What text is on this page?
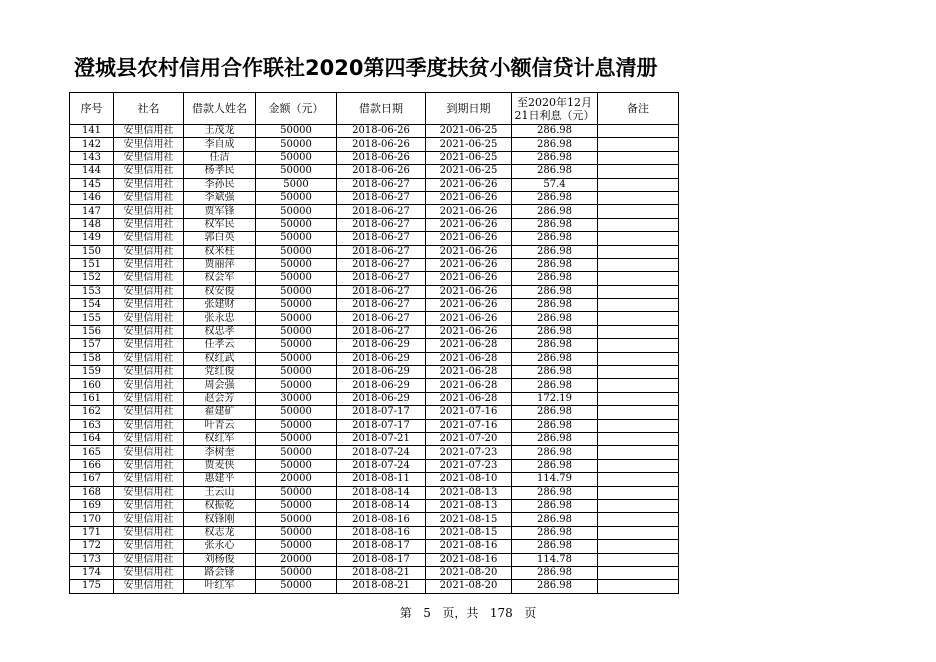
澄城县农村信用合作联社2020第四季度扶贫小额信贷计息清册
序号	社名	借款人姓名	金额（元）	借款日期	到期日期	至2020年12月21日利息（元）	备注
141	安里信用社	王茂龙	50000	2018-06-26	2021-06-25	286.98	
142	安里信用社	李自成	50000	2018-06-26	2021-06-25	286.98	
143	安里信用社	任洁	50000	2018-06-26	2021-06-25	286.98	
144	安里信用社	杨孝民	50000	2018-06-26	2021-06-25	286.98	
145	安里信用社	李孙民	5000	2018-06-27	2021-06-26	57.4	
146	安里信用社	李斌强	50000	2018-06-27	2021-06-26	286.98	
147	安里信用社	贾军锋	50000	2018-06-27	2021-06-26	286.98	
148	安里信用社	权军民	50000	2018-06-27	2021-06-26	286.98	
149	安里信用社	郭白英	50000	2018-06-27	2021-06-26	286.98	
150	安里信用社	权米柱	50000	2018-06-27	2021-06-26	286.98	
151	安里信用社	贾丽萍	50000	2018-06-27	2021-06-26	286.98	
152	安里信用社	权会军	50000	2018-06-27	2021-06-26	286.98	
153	安里信用社	权安俊	50000	2018-06-27	2021-06-26	286.98	
154	安里信用社	张建财	50000	2018-06-27	2021-06-26	286.98	
155	安里信用社	张永忠	50000	2018-06-27	2021-06-26	286.98	
156	安里信用社	权忠孝	50000	2018-06-27	2021-06-26	286.98	
157	安里信用社	任孝云	50000	2018-06-29	2021-06-28	286.98	
158	安里信用社	权红武	50000	2018-06-29	2021-06-28	286.98	
159	安里信用社	党红俊	50000	2018-06-29	2021-06-28	286.98	
160	安里信用社	周会强	50000	2018-06-29	2021-06-28	286.98	
161	安里信用社	赵会芳	30000	2018-06-29	2021-06-28	172.19	
162	安里信用社	翟建矿	50000	2018-07-17	2021-07-16	286.98	
163	安里信用社	叶青云	50000	2018-07-17	2021-07-16	286.98	
164	安里信用社	权红军	50000	2018-07-21	2021-07-20	286.98	
165	安里信用社	李树奎	50000	2018-07-24	2021-07-23	286.98	
166	安里信用社	贾麦侠	50000	2018-07-24	2021-07-23	286.98	
167	安里信用社	惠建平	20000	2018-08-11	2021-08-10	114.79	
168	安里信用社	王云山	50000	2018-08-14	2021-08-13	286.98	
169	安里信用社	权振乾	50000	2018-08-14	2021-08-13	286.98	
170	安里信用社	权锋刚	50000	2018-08-16	2021-08-15	286.98	
171	安里信用社	权志龙	50000	2018-08-16	2021-08-15	286.98	
172	安里信用社	张永心	50000	2018-08-17	2021-08-16	286.98	
173	安里信用社	刘杨俊	20000	2018-08-17	2021-08-16	114.78	
174	安里信用社	路会锋	50000	2018-08-21	2021-08-20	286.98	
175	安里信用社	叶红军	50000	2018-08-21	2021-08-20	286.98	
第 5 页，共 178 页
